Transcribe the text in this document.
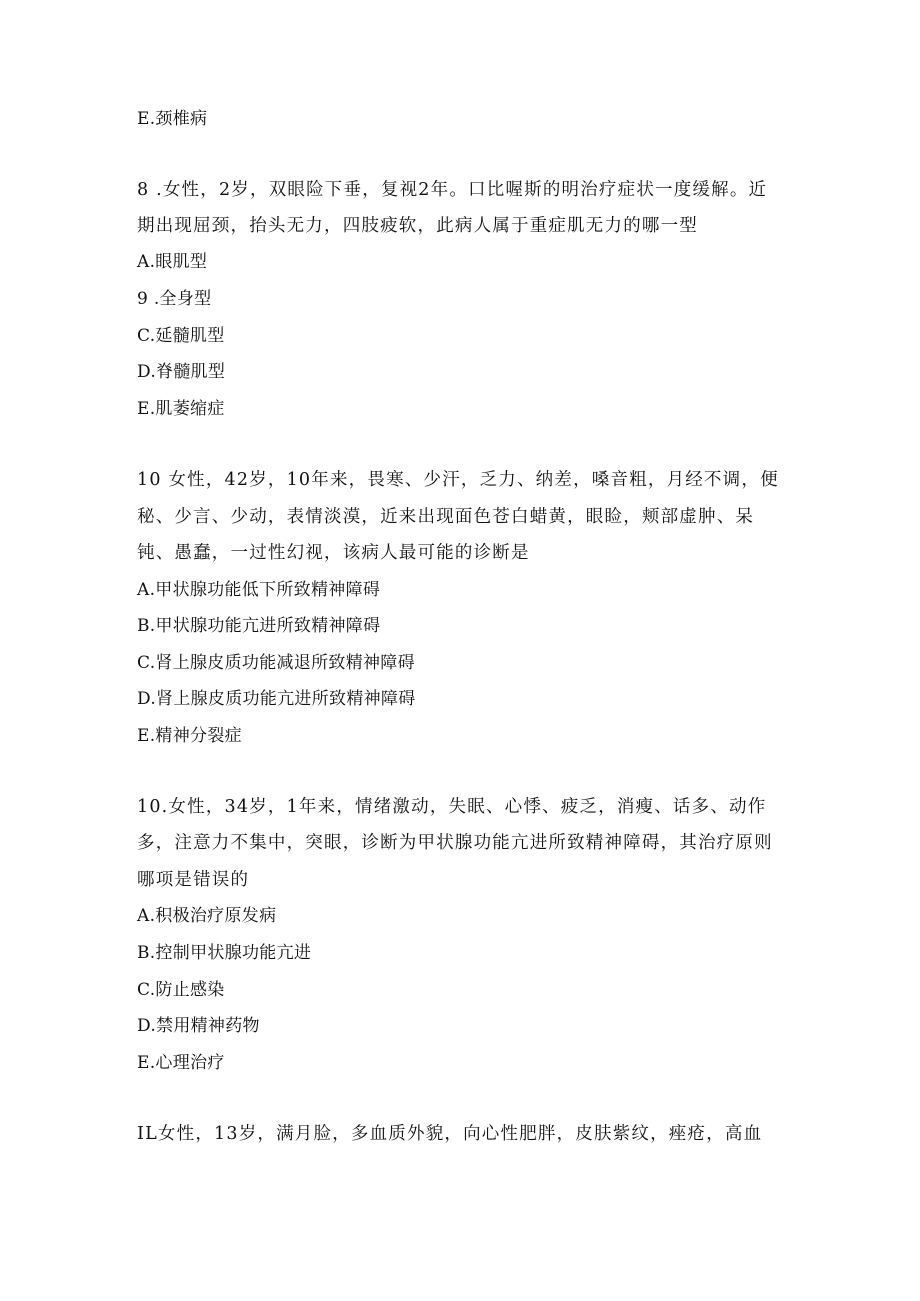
E.颈椎病
8 .女性，2岁，双眼险下垂，复视2年。口比喔斯的明治疗症状一度缓解。近
期出现屈颈，抬头无力，四肢疲软，此病人属于重症肌无力的哪一型
A.眼肌型
9 .全身型
C.延髓肌型
D.脊髓肌型
E.肌萎缩症
10 女性，42岁，10年来，畏寒、少汗，乏力、纳差，嗓音粗，月经不调，便
秘、少言、少动，表情淡漠，近来出现面色苍白蜡黄，眼睑，颊部虚肿、呆
钝、愚蠢，一过性幻视，该病人最可能的诊断是
A.甲状腺功能低下所致精神障碍
B.甲状腺功能亢进所致精神障碍
C.肾上腺皮质功能减退所致精神障碍
D.肾上腺皮质功能亢进所致精神障碍
E.精神分裂症
10.女性，34岁，1年来，情绪激动，失眠、心悸、疲乏，消瘦、话多、动作
多，注意力不集中，突眼，诊断为甲状腺功能亢进所致精神障碍，其治疗原则
哪项是错误的
A.积极治疗原发病
B.控制甲状腺功能亢进
C.防止感染
D.禁用精神药物
E.心理治疗
IL女性，13岁，满月脸，多血质外貌，向心性肥胖，皮肤紫纹，痤疮，高血
